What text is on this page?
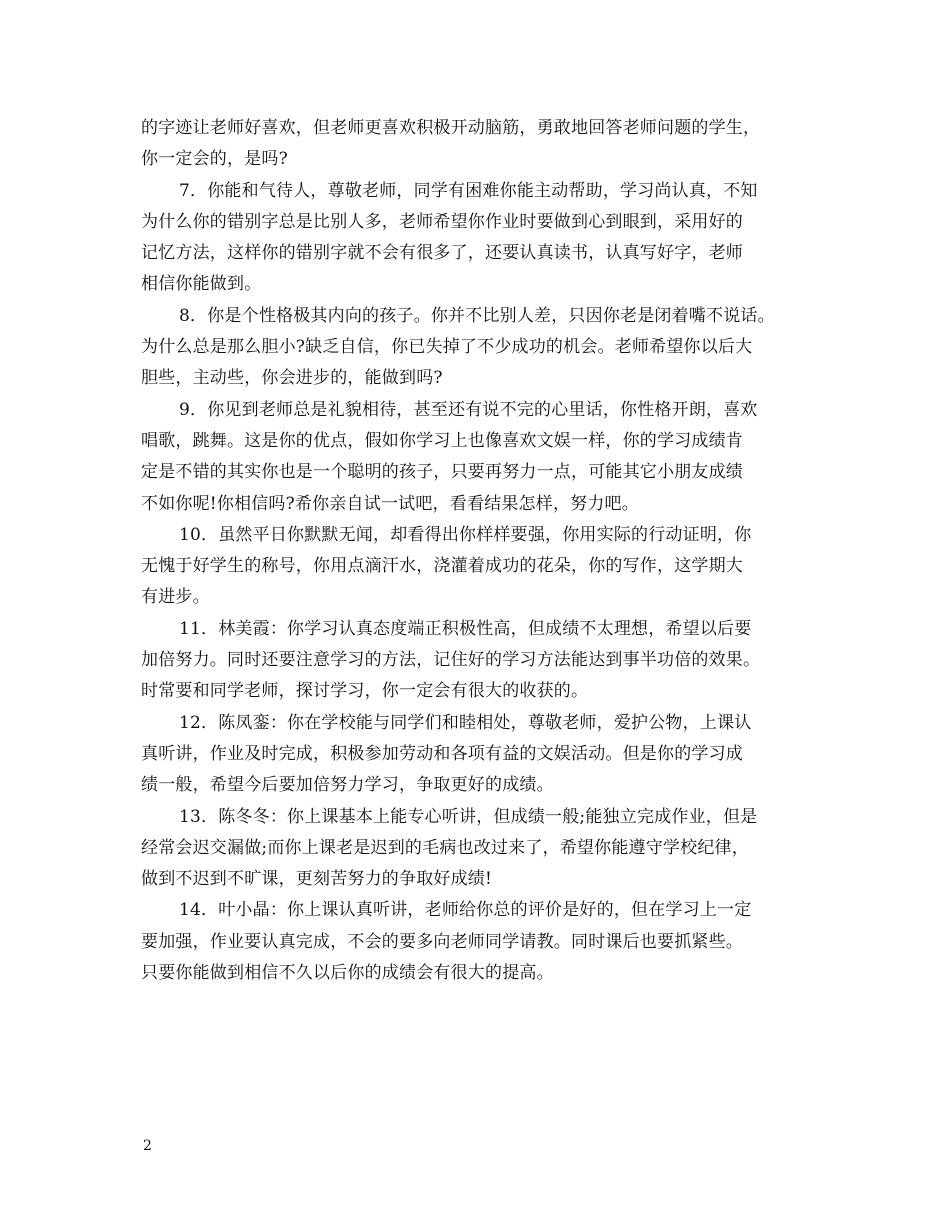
的字迹让老师好喜欢，但老师更喜欢积极开动脑筋，勇敢地回答老师问题的学生，
你一定会的，是吗?

7．你能和气待人，尊敬老师，同学有困难你能主动帮助，学习尚认真，不知
为什么你的错别字总是比别人多，老师希望你作业时要做到心到眼到，采用好的
记忆方法，这样你的错别字就不会有很多了，还要认真读书，认真写好字，老师
相信你能做到。

8．你是个性格极其内向的孩子。你并不比别人差，只因你老是闭着嘴不说话。
为什么总是那么胆小?缺乏自信，你已失掉了不少成功的机会。老师希望你以后大
胆些，主动些，你会进步的，能做到吗?

9．你见到老师总是礼貌相待，甚至还有说不完的心里话，你性格开朗，喜欢
唱歌，跳舞。这是你的优点，假如你学习上也像喜欢文娱一样，你的学习成绩肯
定是不错的其实你也是一个聪明的孩子，只要再努力一点，可能其它小朋友成绩
不如你呢!你相信吗?希你亲自试一试吧，看看结果怎样，努力吧。

10．虽然平日你默默无闻，却看得出你样样要强，你用实际的行动证明，你
无愧于好学生的称号，你用点滴汗水，浇灌着成功的花朵，你的写作，这学期大
有进步。

11．林美霞：你学习认真态度端正积极性高，但成绩不太理想，希望以后要
加倍努力。同时还要注意学习的方法，记住好的学习方法能达到事半功倍的效果。
时常要和同学老师，探讨学习，你一定会有很大的收获的。

12．陈凤銮：你在学校能与同学们和睦相处，尊敬老师，爱护公物，上课认
真听讲，作业及时完成，积极参加劳动和各项有益的文娱活动。但是你的学习成
绩一般，希望今后要加倍努力学习，争取更好的成绩。

13．陈冬冬：你上课基本上能专心听讲，但成绩一般;能独立完成作业，但是
经常会迟交漏做;而你上课老是迟到的毛病也改过来了，希望你能遵守学校纪律，
做到不迟到不旷课，更刻苦努力的争取好成绩!

14．叶小晶：你上课认真听讲，老师给你总的评价是好的，但在学习上一定
要加强，作业要认真完成，不会的要多向老师同学请教。同时课后也要抓紧些。
只要你能做到相信不久以后你的成绩会有很大的提高。

2
